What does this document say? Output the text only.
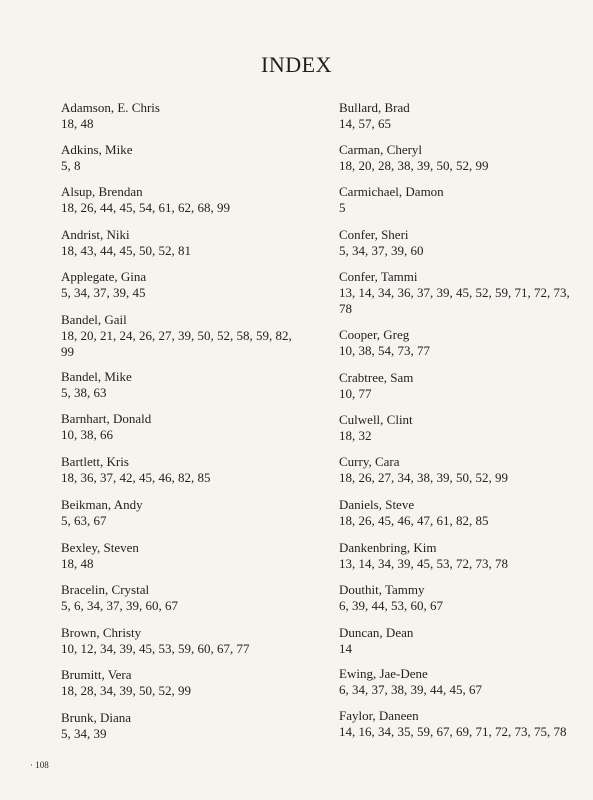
INDEX
Adamson, E. Chris
18, 48
Adkins, Mike
5, 8
Alsup, Brendan
18, 26, 44, 45, 54, 61, 62, 68, 99
Andrist, Niki
18, 43, 44, 45, 50, 52, 81
Applegate, Gina
5, 34, 37, 39, 45
Bandel, Gail
18, 20, 21, 24, 26, 27, 39, 50, 52, 58, 59, 82, 99
Bandel, Mike
5, 38, 63
Barnhart, Donald
10, 38, 66
Bartlett, Kris
18, 36, 37, 42, 45, 46, 82, 85
Beikman, Andy
5, 63, 67
Bexley, Steven
18, 48
Bracelin, Crystal
5, 6, 34, 37, 39, 60, 67
Brown, Christy
10, 12, 34, 39, 45, 53, 59, 60, 67, 77
Brumitt, Vera
18, 28, 34, 39, 50, 52, 99
Brunk, Diana
5, 34, 39
Bullard, Brad
14, 57, 65
Carman, Cheryl
18, 20, 28, 38, 39, 50, 52, 99
Carmichael, Damon
5
Confer, Sheri
5, 34, 37, 39, 60
Confer, Tammi
13, 14, 34, 36, 37, 39, 45, 52, 59, 71, 72, 73, 78
Cooper, Greg
10, 38, 54, 73, 77
Crabtree, Sam
10, 77
Culwell, Clint
18, 32
Curry, Cara
18, 26, 27, 34, 38, 39, 50, 52, 99
Daniels, Steve
18, 26, 45, 46, 47, 61, 82, 85
Dankenbring, Kim
13, 14, 34, 39, 45, 53, 72, 73, 78
Douthit, Tammy
6, 39, 44, 53, 60, 67
Duncan, Dean
14
Ewing, Jae-Dene
6, 34, 37, 38, 39, 44, 45, 67
Faylor, Daneen
14, 16, 34, 35, 59, 67, 69, 71, 72, 73, 75, 78
· 108
